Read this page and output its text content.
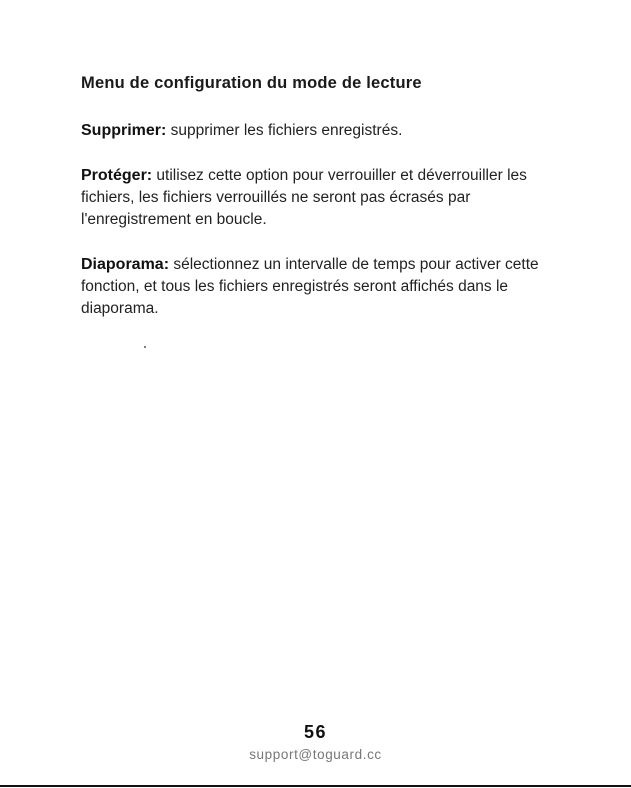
Menu de configuration du mode de lecture

Supprimer: supprimer les fichiers enregistrés.

Protéger: utilisez cette option pour verrouiller et déverrouiller les fichiers, les fichiers verrouillés ne seront pas écrasés par l'enregistrement en boucle.

Diaporama: sélectionnez un intervalle de temps pour activer cette fonction, et tous les fichiers enregistrés seront affichés dans le diaporama.

56
support@toguard.cc
